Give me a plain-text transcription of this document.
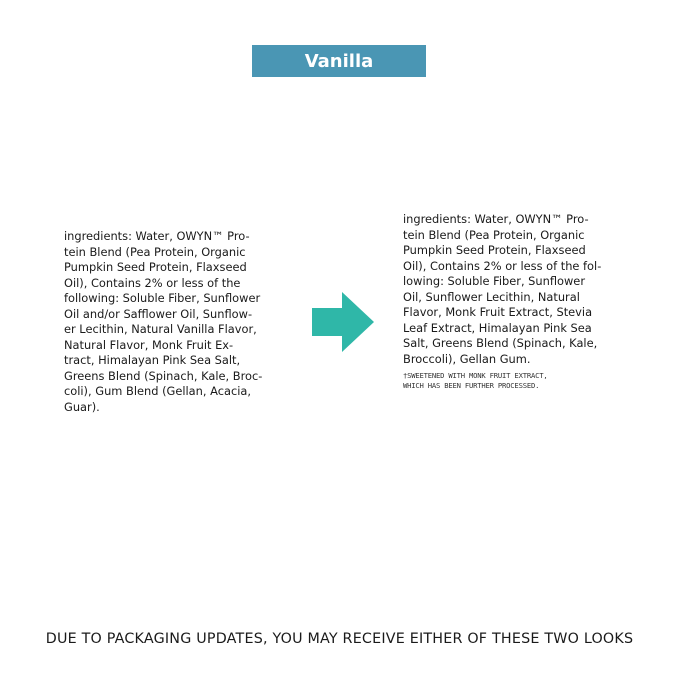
Vanilla

ingredients: Water, OWYN™ Pro-
tein Blend (Pea Protein, Organic
Pumpkin Seed Protein, Flaxseed
Oil), Contains 2% or less of the
following: Soluble Fiber, Sunflower
Oil and/or Safflower Oil, Sunflow-
er Lecithin, Natural Vanilla Flavor,
Natural Flavor, Monk Fruit Ex-
tract, Himalayan Pink Sea Salt,
Greens Blend (Spinach, Kale, Broc-
coli), Gum Blend (Gellan, Acacia,
Guar).

ingredients: Water, OWYN™ Pro-
tein Blend (Pea Protein, Organic
Pumpkin Seed Protein, Flaxseed
Oil), Contains 2% or less of the fol-
lowing: Soluble Fiber, Sunflower
Oil, Sunflower Lecithin, Natural
Flavor, Monk Fruit Extract, Stevia
Leaf Extract, Himalayan Pink Sea
Salt, Greens Blend (Spinach, Kale,
Broccoli), Gellan Gum.

†SWEETENED WITH MONK FRUIT EXTRACT,
WHICH HAS BEEN FURTHER PROCESSED.
DUE TO PACKAGING UPDATES, YOU MAY RECEIVE EITHER OF THESE TWO LOOKS
